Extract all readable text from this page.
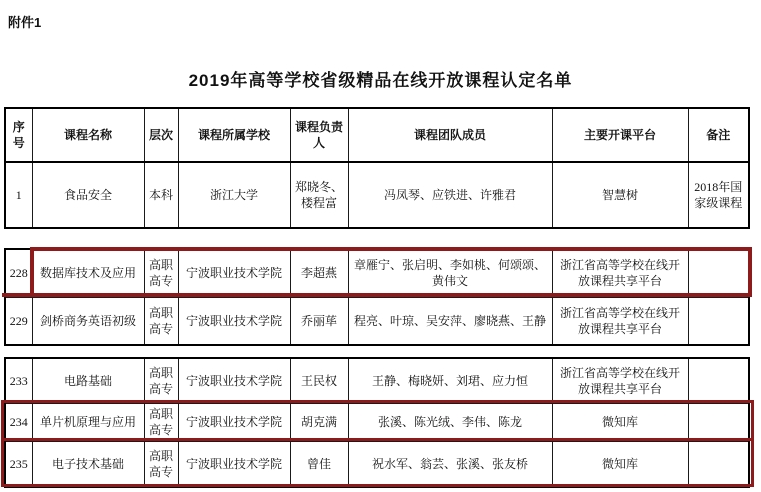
附件1
2019年高等学校省级精品在线开放课程认定名单
序号	课程名称	层次	课程所属学校	课程负责人	课程团队成员	主要开课平台	备注
1	食品安全	本科	浙江大学	郑晓冬、楼程富	冯凤琴、应铁进、许雅君	智慧树	2018年国家级课程
228	数据库技术及应用	高职高专	宁波职业技术学院	李超燕	章雁宁、张启明、李如桃、何颂颂、黄伟文	浙江省高等学校在线开放课程共享平台	
229	剑桥商务英语初级	高职高专	宁波职业技术学院	乔丽荜	程亮、叶琼、吴安萍、廖晓燕、王静	浙江省高等学校在线开放课程共享平台	
233	电路基础	高职高专	宁波职业技术学院	王民权	王静、梅晓妍、刘珺、应力恒	浙江省高等学校在线开放课程共享平台	
234	单片机原理与应用	高职高专	宁波职业技术学院	胡克满	张溪、陈光绒、李伟、陈龙	微知库	
235	电子技术基础	高职高专	宁波职业技术学院	曾佳	祝水军、翁芸、张溪、张友桥	微知库	
